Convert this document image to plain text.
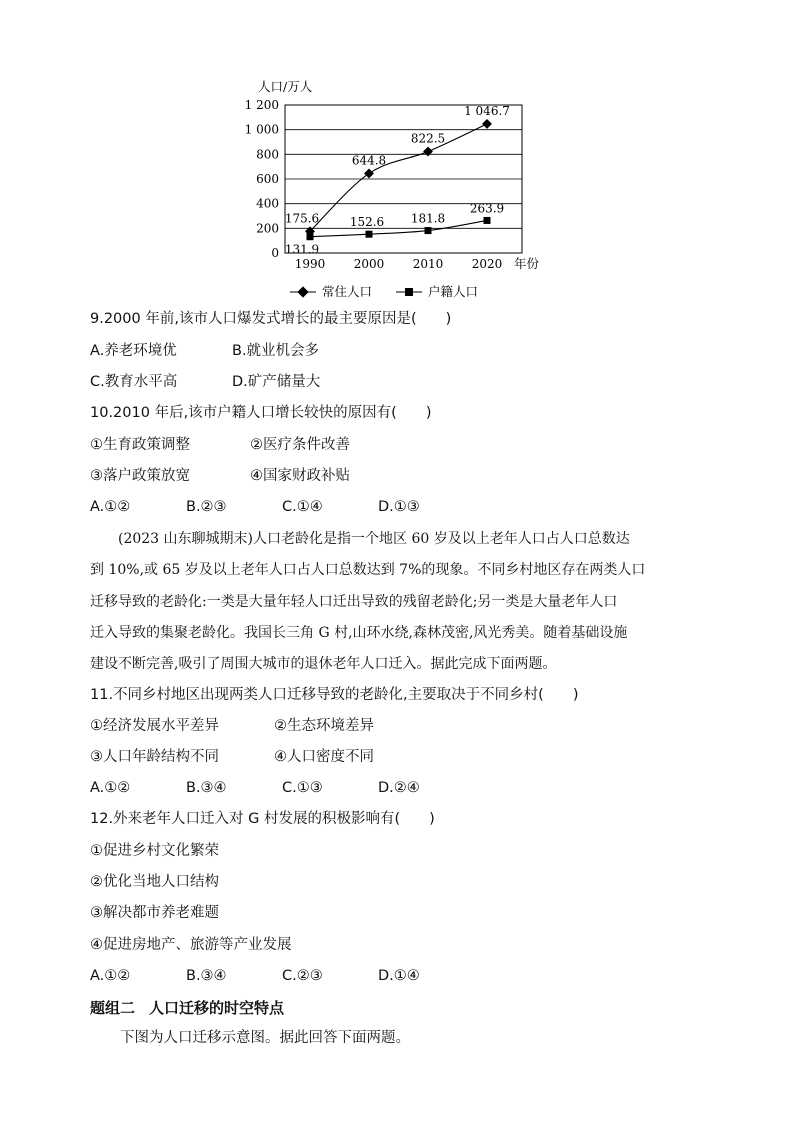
人口/万人
0
200
400
600
800
1 000
1 200
1990 2000 2010 2020 年份
175.6
644.8
822.5
1 046.7
131.9
152.6 181.8
263.9
常住人口	户籍人口
9.2000 年前,该市人口爆发式增长的最主要原因是(　　)
A.养老环境优	B.就业机会多
C.教育水平高	D.矿产储量大
10.2010 年后,该市户籍人口增长较快的原因有(　　)
①生育政策调整	②医疗条件改善
③落户政策放宽	④国家财政补贴
A.①②	B.②③	C.①④	D.①③

(2023 山东聊城期末)人口老龄化是指一个地区 60 岁及以上老年人口占人口总数达

到 10%,或 65 岁及以上老年人口占人口总数达到 7%的现象。不同乡村地区存在两类人口

迁移导致的老龄化:一类是大量年轻人口迁出导致的残留老龄化;另一类是大量老年人口

迁入导致的集聚老龄化。我国长三角 G 村,山环水绕,森林茂密,风光秀美。随着基础设施

建设不断完善,吸引了周围大城市的退休老年人口迁入。据此完成下面两题。

11.不同乡村地区出现两类人口迁移导致的老龄化,主要取决于不同乡村(　　)
①经济发展水平差异	②生态环境差异
③人口年龄结构不同	④人口密度不同
A.①②	B.③④	C.①③	D.②④
12.外来老年人口迁入对 G 村发展的积极影响有(　　)
①促进乡村文化繁荣
②优化当地人口结构
③解决都市养老难题
④促进房地产、旅游等产业发展
A.①②	B.③④	C.②③	D.①④
题组二 人口迁移的时空特点
下图为人口迁移示意图。据此回答下面两题。
